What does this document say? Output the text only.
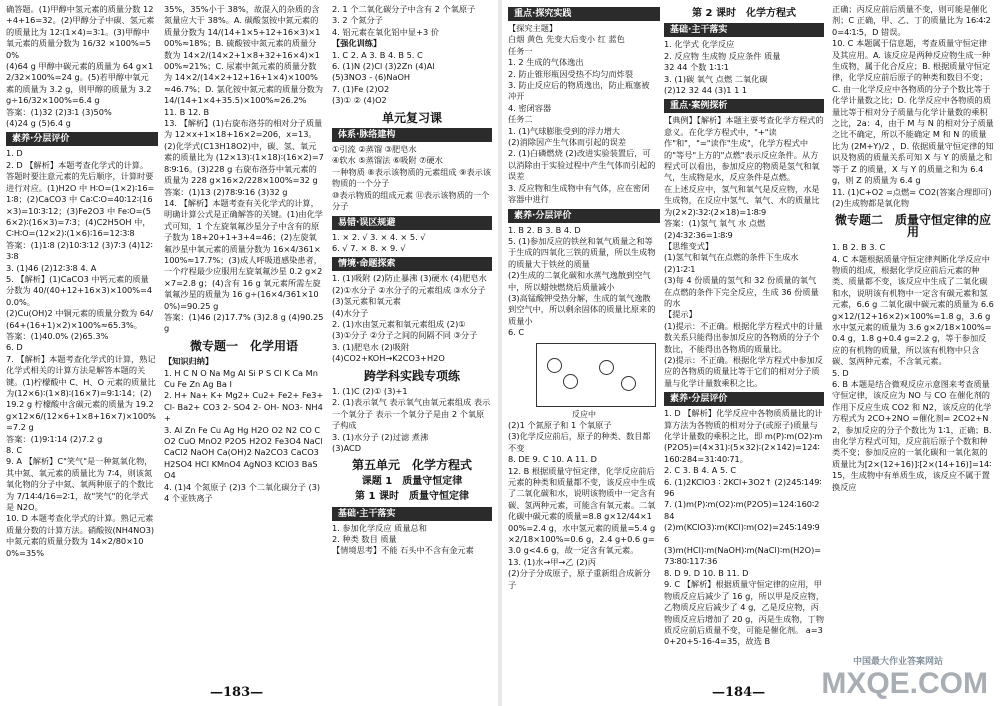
确答题。(1)甲醇中氢元素的质量分数 12+4+16=32。(2)甲醇分子中碳、氢元素的质量比为 12∶(1×4)=3∶1。(3)甲醇中氧元素的质量分数为 16/32 ×100%=50%
(4)64 g 甲醇中碳元素的质量为 64 g×12/32×100%=24 g。(5)若甲醇中氧元素的质量为 3.2 g，则甲醇的质量为 3.2 g÷16/32×100%=6.4 g
答案：(1)32 (2)3∶1 (3)50%
(4)24 g (5)6.4 g

素养·分层评价

1. D
2. D 【解析】本题考查化学式的计算。答题时要注意元素的先后顺序，计算时要进行对应。(1)H2O 中 H∶O=(1×2)∶16=1∶8；(2)CaCO3 中 Ca∶C∶O=40∶12∶(16×3)=10∶3∶12；(3)Fe2O3 中 Fe∶O=(56×2)∶(16×3)=7∶3；(4)C2H5OH 中，C∶H∶O=(12×2)∶(1×6)∶16=12∶3∶8
答案：(1)1∶8 (2)10∶3∶12 (3)7∶3 (4)12∶3∶8
3. (1)46 (2)12∶3∶8 4. A
5. 【解析】(1)CaCO3 中钙元素的质量分数为 40/(40+12+16×3)×100%=40.0%。
(2)Cu(OH)2 中铜元素的质量分数为 64/(64+(16+1)×2)×100%≈65.3%。
答案：(1)40.0% (2)65.3%
6. D
7. 【解析】本题考查化学式的计算，熟记化学式相关的计算方法是解答本题的关键。(1)柠檬酸中 C、H、O 元素的质量比为(12×6)∶(1×8)∶(16×7)=9∶1∶14；(2)19.2 g 柠檬酸中含碳元素的质量为 19.2 g×12×6/(12×6+1×8+16×7)×100%=7.2 g
答案：(1)9∶1∶14 (2)7.2 g
8. C
9. A 【解析】C"笑气"是一种氮氧化物，其中氮、氧元素的质量比为 7∶4，则该氮氧化物的分子中氮、氧两种原子的个数比为 7/14∶4/16=2∶1，故"笑气"的化学式是 N2O。
10. D 本题考查化学式的计算。熟记元素质量分数的计算方法。硝酸铵(NH4NO3)中氮元素的质量分数为 14×2/80×100%=35%

35%，35%小于 38%，故混入的杂质的含氮量应大于 38%。A. 碳酸氢铵中氮元素的质量分数为 14/(14+1×5+12+16×3)×100%≈18%；B. 硫酸铵中氮元素的质量分数为 14×2/(14×2+1×8+32+16×4)×100%≈21%；C. 尿素中氮元素的质量分数为 14×2/(14×2+12+16+1×4)×100%≈46.7%；D. 氯化铵中氮元素的质量分数为 14/(14+1×4+35.5)×100%≈26.2%
11. B 12. B
13. 【解析】(1)右旋布洛芬的相对分子质量为 12×x+1×18+16×2=206，x=13。(2)化学式(C13H18O2)中，碳、氢、氧元素的质量比为 (12×13)∶(1×18)∶(16×2)=78∶9∶16。(3)228 g 右旋布洛芬中氧元素的质量为 228 g×16×2/228×100%=32 g
答案：(1)13 (2)78∶9∶16 (3)32 g
14. 【解析】本题考查有关化学式的计算，明确计算公式是正确解答的关键。(1)由化学式可知，1 个左旋氧氟沙星分子中含有的原子数为 18+20+1+3+4=46；(2)左旋氧氟沙星中氧元素的质量分数为 16×4/361×100%≈17.7%；(3)成人呼吸道感染患者，一个疗程最少应服用左旋氧氟沙星 0.2 g×2×7=2.8 g；(4)含有 16 g 氧元素所需左旋氧氟沙星的质量为 16 g÷(16×4/361×100%)=90.25 g
答案：(1)46 (2)17.7% (3)2.8 g (4)90.25 g

微专题一　化学用语
【知识归纳】

1. H C N O Na Mg Al Si P S Cl K Ca Mn Cu Fe Zn Ag Ba I
2. H+ Na+ K+ Mg2+ Cu2+ Fe2+ Fe3+ Cl- Ba2+ CO3 2- SO4 2- OH- NO3- NH4+
3. Al Zn Fe Cu Ag Hg H2O O2 N2 CO CO2 CuO MnO2 P2O5 H2O2 Fe3O4 NaCl CaCl2 NaOH Ca(OH)2 Na2CO3 CaCO3 H2SO4 HCl KMnO4 AgNO3 KClO3 BaSO4
4. (1)4 个氮原子 (2)3 个二氧化碳分子 (3)4 个亚铁离子

2. 1 个二氧化碳分子中含有 2 个氧原子
3. 2 个氮分子
4. 铝元素在氧化铝中显+3 价

【强化训练】

1. C 2. A 3. B 4. B 5. C
6. (1)N (2)Cl (3)2Zn (4)Al
(5)3NO3 - (6)NaOH
7. (1)Fe (2)O2
(3)① ② (4)O2

单元复习课
体系·脉络建构

①引流 ②蒸馏 ③肥皂水
④软水 ⑤蒸馏法 ⑥吸附 ⑦硬水
一种物质 ⑧表示该物质的元素组成 ⑨表示该物质的一个分子
⑩表示物质的组成元素 ⑪表示该物质的一个分子

易错·误区规避

1. × 2. √ 3. × 4. × 5. √
6. √ 7. × 8. × 9. √

情境·命题探索

1. (1)吸附 (2)防止暴沸 (3)硬水 (4)肥皂水
(2)①水分子 ②水分子的元素组成 ③水分子
(3)氢元素和氧元素
(4)水分子
2. (1)水由氢元素和氧元素组成 (2)①
(3)①分子 ②分子之间的间隔不同 ③分子
3. (1)肥皂水 (2)吸附
(4)CO2+KOH→K2CO3+H2O

跨学科实践专项练

1. (1)C (2)① (3)+1
2. (1)表示氧气 表示氧气由氧元素组成 表示一个氧分子 表示一个氧分子是由 2 个氧原子构成
3. (1)水分子 (2)过滤 煮沸
(3)ACD

第五单元　化学方程式
课题 1　质量守恒定律
第 1 课时　质量守恒定律
基础·主干落实

1. 参加化学反应 质量总和
2. 种类 数目 质量
【情境思考】不能 石头中不含有金元素

—183—
重点·探究实践

【探究主题】
白烟 黄色 先变大后变小 红 蓝色
任务一
1. 2 生成的气体逸出
2. 防止锥形瓶因受热不均匀而炸裂
3. 防止反应后的物质逸出，防止瓶塞被冲开
4. 密闭容器
任务二
1. (1)气球膨胀受到的浮力增大
(2)消除因产生气体而引起的误差
2. (1)白磷燃烧 (2)改进实验装置后，可以消除由于实验过程中产生气体而引起的误差
3. 反应物和生成物中有气体，应在密闭容器中进行

素养·分层评价

1. B 2. B 3. B 4. D
5. (1)参加反应的铁丝和氧气质量之和等于生成的四氧化三铁的质量，所以生成物的质量大于铁丝的质量
(2)生成的二氧化碳和水蒸气逸散到空气中，所以蜡烛燃烧后质量减小
(3)高锰酸钾受热分解，生成的氧气逸散到空气中，所以剩余固体的质量比原来的质量小
6. C

反应中

(2)1 个氮原子和 1 个氧原子
(3)化学反应前后，原子的种类、数目都不变
8. DE 9. C 10. A 11. D
12. B 根据质量守恒定律，化学反应前后元素的种类和质量都不变，该反应中生成了二氧化碳和水，说明该物质中一定含有碳、氢两种元素，可能含有氧元素。二氧化碳中碳元素的质量=8.8 g×12/44×100%=2.4 g，水中氢元素的质量=5.4 g×2/18×100%=0.6 g，2.4 g+0.6 g=3.0 g<4.6 g，故一定含有氧元素。
13. (1)水→甲→乙 (2)丙
(2)分子分成原子，原子重新组合成新分子

第 2 课时　化学方程式
基础·主干落实

1. 化学式 化学反应
2. 反应物 生成物 反应条件 质量
32 44 个数 1∶1∶1
3. (1)碳 氧气 点燃 二氧化碳
(2)12 32 44 (3)1 1 1

重点·案例探析

【典例】【解析】本题主要考查化学方程式的意义。在化学方程式中，"+"读作"和"，"="读作"生成"，化学方程式中的"等号"上方的"点燃"表示反应条件。从方程式可以看出，参加反应的物质是氢气和氧气，生成物是水，反应条件是点燃。
在上述反应中，氢气和氧气是反应物，水是生成物，在反应中氢气、氧气、水的质量比为(2×2)∶32∶(2×18)=1∶8∶9
答案：(1)氢气 氧气 水 点燃
(2)4∶32∶36=1∶8∶9
【思维变式】
(1)氢气和氧气在点燃的条件下生成水
(2)1∶2∶1
(3)每 4 份质量的氢气和 32 份质量的氧气在点燃的条件下完全反应，生成 36 份质量的水
【提示】
(1)提示：不正确。根据化学方程式中的计量数关系只能得出参加反应的各物质的分子个数比，不能得出各物质的质量比。
(2)提示：不正确。根据化学方程式中参加反应的各物质的质量比等于它们的相对分子质量与化学计量数乘积之比。

素养·分层评价

1. D 【解析】化学反应中各物质质量比的计算方法为各物质的相对分子(或原子)质量与化学计量数的乘积之比，即 m(P)∶m(O2)∶m(P2O5)=(4×31)∶(5×32)∶(2×142)=124∶160∶284=31∶40∶71。
2. C 3. B 4. A 5. C
6. (1)2KClO3 ∶ 2KCl+3O2↑ (2)245∶149∶96
7. (1)m(P)∶m(O2)∶m(P2O5)=124∶160∶284
(2)m(KClO3)∶m(KCl)∶m(O2)=245∶149∶96
(3)m(HCl)∶m(NaOH)∶m(NaCl)∶m(H2O)=73∶80∶117∶36
8. D 9. D 10. B 11. D
9. C 【解析】根据质量守恒定律的应用，甲物质反应后减少了 16 g，所以甲是反应物，乙物质反应后减少了 4 g，乙是反应物，丙物质反应后增加了 20 g，丙是生成物，丁物质反应前后质量不变，可能是催化剂。 a=30+20+5-16-4=35，故选 B

正确；丙反应前后质量不变，则可能是催化剂；C 正确，甲、乙、丁的质量比为 16∶4∶20=4∶1∶5，D 错误。
10. C 本题属于信息题，考查质量守恒定律及其应用。A. 该反应是两种反应物生成一种生成物，属于化合反应；B. 根据质量守恒定律，化学反应前后原子的种类和数目不变；C. 由一化学反应中各物质的分子个数比等于化学计量数之比；D. 化学反应中各物质的质量比等于相对分子质量与化学计量数的乘积之比，2a：4，由于 M 与 N 的相对分子质量之比不确定，所以不能确定 M 和 N 的质量比为 (2M+Y)/2 ，D. 依据质量守恒定律的知识及物质的质量关系可知 X 与 Y 的质量之和等于 Z 的质量，X 与 Y 的质量之和为 6.4 g，则 Z 的质量为 6.4 g
11. (1)C+O2 =点燃= CO2(答案合理即可)
(2)生成物都是氧化物

微专题二　质量守恒定律的应用

1. B 2. B 3. C
4. C 本题根据质量守恒定律判断化学反应中物质的组成，根据化学反应前后元素的种类、质量都不变，该反应中生成了二氧化碳和水，说明该有机物中一定含有碳元素和氢元素，6.6 g 二氧化碳中碳元素的质量为 6.6 g×12/(12+16×2)×100%=1.8 g，3.6 g 水中氢元素的质量为 3.6 g×2/18×100%=0.4 g，1.8 g+0.4 g=2.2 g，等于参加反应的有机物的质量，所以该有机物中只含碳、氢两种元素，不含氧元素。
5. D
6. B 本题是结合微观反应示意图来考查质量守恒定律，该反应为 NO 与 CO 在催化剂的作用下反应生成 CO2 和 N2，该反应的化学方程式为 2CO+2NO =催化剂= 2CO2+N2，参加反应的分子个数比为 1∶1，正确；B. 由化学方程式可知，反应前后原子个数和种类不变；参加反应的一氧化碳和一氧化氮的质量比为[2×(12+16)]∶[2×(14+16)]=14∶15，生成物中有单质生成，该反应不属于置换反应

—184—
中国最大作业答案网站
MXQE.COM
